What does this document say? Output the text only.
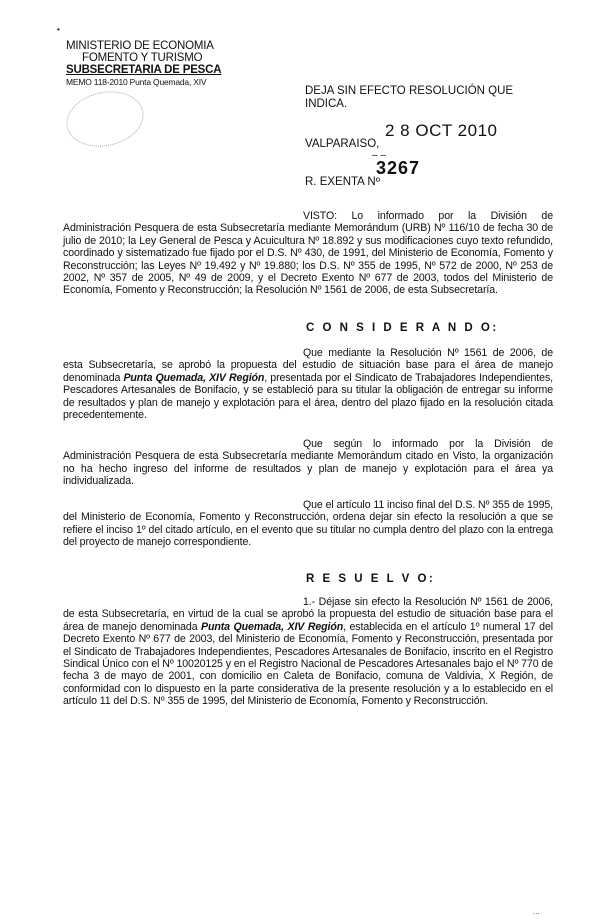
•
MINISTERIO DE ECONOMIA
FOMENTO Y TURISMO
SUBSECRETARIA DE PESCA
MEMO 118-2010 Punta Quemada, XIV
DEJA SIN EFECTO RESOLUCIÓN QUE
INDICA.
2 8 OCT 2010
VALPARAISO,
– –
3267
R. EXENTA Nº
VISTO: Lo informado por la División de Administración Pesquera de esta Subsecretaría mediante Memorándum (URB) Nº 116/10 de fecha 30 de julio de 2010; la Ley General de Pesca y Acuicultura Nº 18.892 y sus modificaciones cuyo texto refundido, coordinado y sistematizado fue fijado por el D.S. Nº 430, de 1991, del Ministerio de Economía, Fomento y Reconstrucción; las Leyes Nº 19.492 y Nº 19.880; los D.S. Nº 355 de 1995, Nº 572 de 2000, Nº 253 de 2002, Nº 357 de 2005, Nº 49 de 2009, y el Decreto Exento Nº 677 de 2003, todos del Ministerio de Economía, Fomento y Reconstrucción; la Resolución Nº 1561 de 2006, de esta Subsecretaría.
C O N S I D E R A N D O:
Que mediante la Resolución Nº 1561 de 2006, de esta Subsecretaría, se aprobó la propuesta del estudio de situación base para el área de manejo denominada Punta Quemada, XIV Región, presentada por el Sindicato de Trabajadores Independientes, Pescadores Artesanales de Bonifacio, y se estableció para su titular la obligación de entregar su informe de resultados y plan de manejo y explotación para el área, dentro del plazo fijado en la resolución citada precedentemente.
Que según lo informado por la División de Administración Pesquera de esta Subsecretaría mediante Memorándum citado en Visto, la organización no ha hecho ingreso del informe de resultados y plan de manejo y explotación para el área ya individualizada.
Que el artículo 11 inciso final del D.S. Nº 355 de 1995, del Ministerio de Economía, Fomento y Reconstrucción, ordena dejar sin efecto la resolución a que se refiere el inciso 1º del citado artículo, en el evento que su titular no cumpla dentro del plazo con la entrega del proyecto de manejo correspondiente.
R E S U E L V O:
1.- Déjase sin efecto la Resolución Nº 1561 de 2006, de esta Subsecretaría, en virtud de la cual se aprobó la propuesta del estudio de situación base para el área de manejo denominada Punta Quemada, XIV Región, establecida en el artículo 1º numeral 17 del Decreto Exento Nº 677 de 2003, del Ministerio de Economía, Fomento y Reconstrucción, presentada por el Sindicato de Trabajadores Independientes, Pescadores Artesanales de Bonifacio, inscrito en el Registro Sindical Único con el Nº 10020125 y en el Registro Nacional de Pescadores Artesanales bajo el Nº 770 de fecha 3 de mayo de 2001, con domicilio en Caleta de Bonifacio, comuna de Valdivia, X Región, de conformidad con lo dispuesto en la parte considerativa de la presente resolución y a lo establecido en el artículo 11 del D.S. Nº 355 de 1995, del Ministerio de Economía, Fomento y Reconstrucción.
...
